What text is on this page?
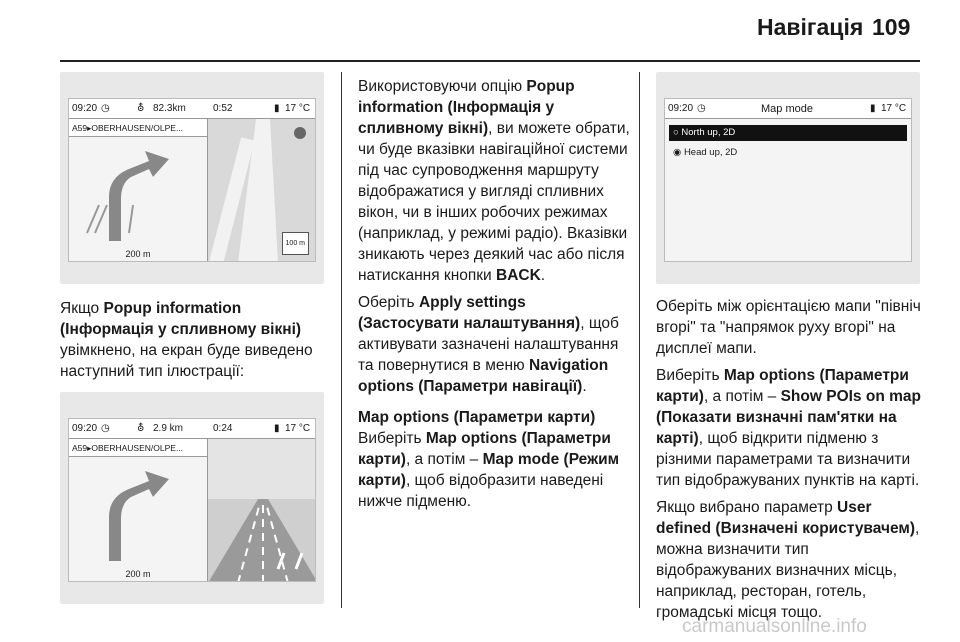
Навігація 109
09:20 ◷	⛢ 82.3km	0:52	▮ 17 °C
A59▸OBERHAUSEN/OLPE...
200 m
100 m

Якщо Popup information (Інформація у спливному вікні) увімкнено, на екран буде виведено наступний тип ілюстрації:

09:20 ◷	⛢ 2.9 km	0:24	▮ 17 °C
A59▸OBERHAUSEN/OLPE...
200 m

Використовуючи опцію Popup information (Інформація у спливному вікні), ви можете обрати, чи буде вказівки навігаційної системи під час супроводження маршруту відображатися у вигляді спливних вікон, чи в інших робочих режимах (наприклад, у режимі радіо). Вказівки зникають через деякий час або після натискання кнопки BACK.

Оберіть Apply settings (Застосувати налаштування), щоб активувати зазначені налаштування та повернутися в меню Navigation options (Параметри навігації).

Map options (Параметри карти)

Виберіть Map options (Параметри карти), а потім – Map mode (Режим карти), щоб відобразити наведені нижче підменю.

09:20 ◷	Map mode	▮ 17 °C
○ North up, 2D
◉ Head up, 2D

Оберіть між орієнтацією мапи "північ вгорі" та "напрямок руху вгорі" на дисплеї мапи.

Виберіть Map options (Параметри карти), а потім – Show POIs on map (Показати визначні пам'ятки на карті), щоб відкрити підменю з різними параметрами та визначити тип відображуваних пунктів на карті.

Якщо вибрано параметр User defined (Визначені користувачем), можна визначити тип відображуваних визначних місць, наприклад, ресторан, готель, громадські місця тощо.

carmanualsonline.info
